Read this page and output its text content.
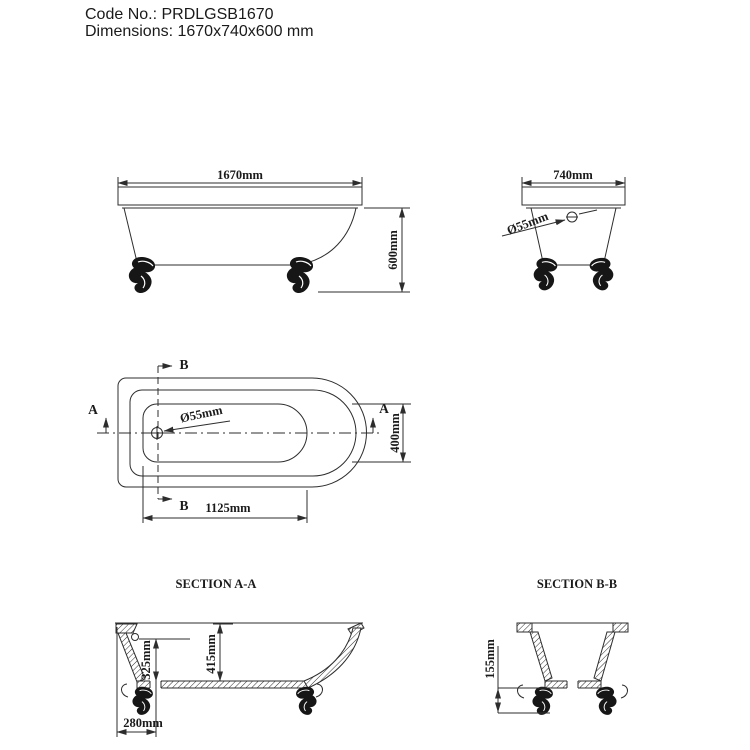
Code No.: PRDLGSB1670
Dimensions: 1670x740x600 mm
1670mm
600mm
740mm
Ø55mm
B
B
A	A
Ø55mm	400mm
1125mm
SECTION A-A
415mm
325mm
280mm
SECTION B-B
155mm
